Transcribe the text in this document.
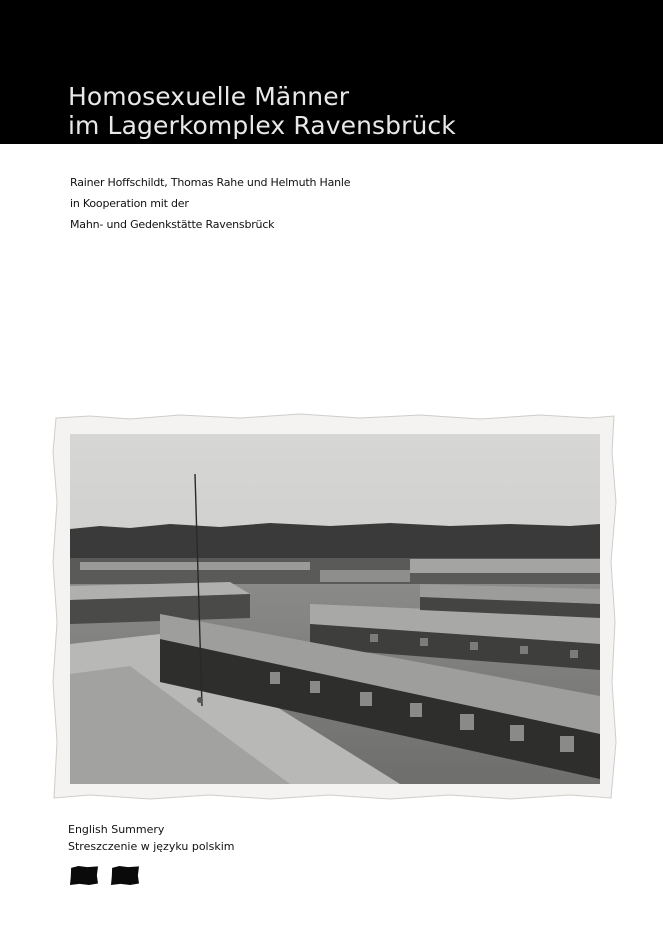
Homosexuelle Männer
im Lagerkomplex Ravensbrück
Rainer Hoffschildt, Thomas Rahe und Helmuth Hanle
in Kooperation mit der
Mahn- und Gedenkstätte Ravensbrück
English Summery
Streszczenie w języku polskim
